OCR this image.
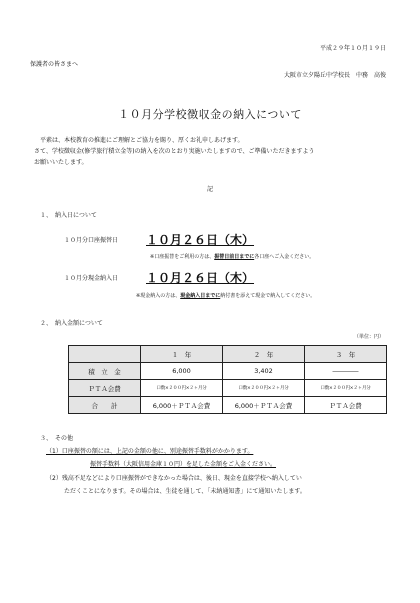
平成２９年１０月１９日
保護者の皆さまへ
大阪市立夕陽丘中学校長　中務　高俊
１０月分学校徴収金の納入について
平素は、本校教育の推進にご理解とご協力を賜り、厚くお礼申しあげます。
さて、学校徴収金(修学旅行積立金等)の納入を次のとおり実施いたしますので、ご準備いただきますよう
お願いいたします。
記
１、　納入日について
１０月分口座振替日 １０月２６日（木）
※口座振替をご利用の方は、振替日前日までに各口座へご入金ください。
１０月分現金納入日 １０月２６日（木）
※現金納入の方は、現金納入日までに納付書を添えて現金で納入してください。
２、　納入金額について
（単位：円）
	１　年	２　年	３　年
積　立　金	6,000	3,402	――――
ＰＴＡ会費	口数×２００円×２ヶ月分	口数×２００円×２ヶ月分	口数×２００円×２ヶ月分
合　　計	6,000＋ＰＴＡ会費	6,000＋ＰＴＡ会費	ＰＴＡ会費
３、　その他
（1）口座振替の額には、上記の金額の他に、別途振替手数料がかかります。
振替手数料（大阪信用金庫１０円）を足した金額をご入金ください。
（2）残高不足などにより口座振替ができなかった場合は、後日、現金を直接学校へ納入してい
ただくことになります。その場合は、生徒を通して、「未納通知書」にて通知いたします。
